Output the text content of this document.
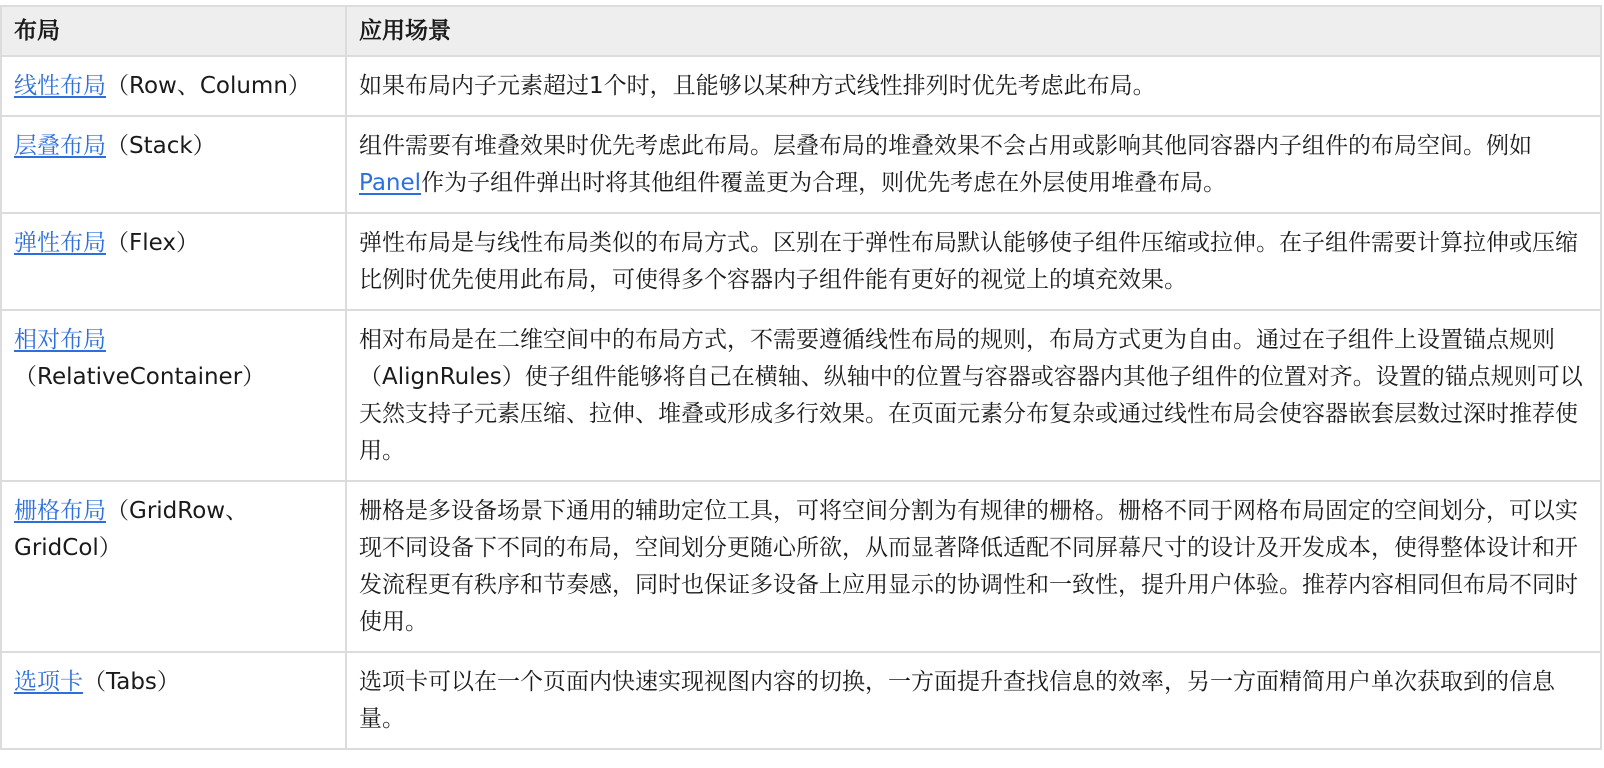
布局	应用场景
线性布局（Row、Column）	如果布局内子元素超过1个时，且能够以某种方式线性排列时优先考虑此布局。
层叠布局（Stack）	组件需要有堆叠效果时优先考虑此布局。层叠布局的堆叠效果不会占用或影响其他同容器内子组件的布局空间。例如Panel作为子组件弹出时将其他组件覆盖更为合理，则优先考虑在外层使用堆叠布局。
弹性布局（Flex）	弹性布局是与线性布局类似的布局方式。区别在于弹性布局默认能够使子组件压缩或拉伸。在子组件需要计算拉伸或压缩比例时优先使用此布局，可使得多个容器内子组件能有更好的视觉上的填充效果。
相对布局（RelativeContainer）	相对布局是在二维空间中的布局方式，不需要遵循线性布局的规则，布局方式更为自由。通过在子组件上设置锚点规则（AlignRules）使子组件能够将自己在横轴、纵轴中的位置与容器或容器内其他子组件的位置对齐。设置的锚点规则可以天然支持子元素压缩、拉伸、堆叠或形成多行效果。在页面元素分布复杂或通过线性布局会使容器嵌套层数过深时推荐使用。
栅格布局（GridRow、GridCol）	栅格是多设备场景下通用的辅助定位工具，可将空间分割为有规律的栅格。栅格不同于网格布局固定的空间划分，可以实现不同设备下不同的布局，空间划分更随心所欲，从而显著降低适配不同屏幕尺寸的设计及开发成本，使得整体设计和开发流程更有秩序和节奏感，同时也保证多设备上应用显示的协调性和一致性，提升用户体验。推荐内容相同但布局不同时使用。
选项卡（Tabs）	选项卡可以在一个页面内快速实现视图内容的切换，一方面提升查找信息的效率，另一方面精简用户单次获取到的信息量。
